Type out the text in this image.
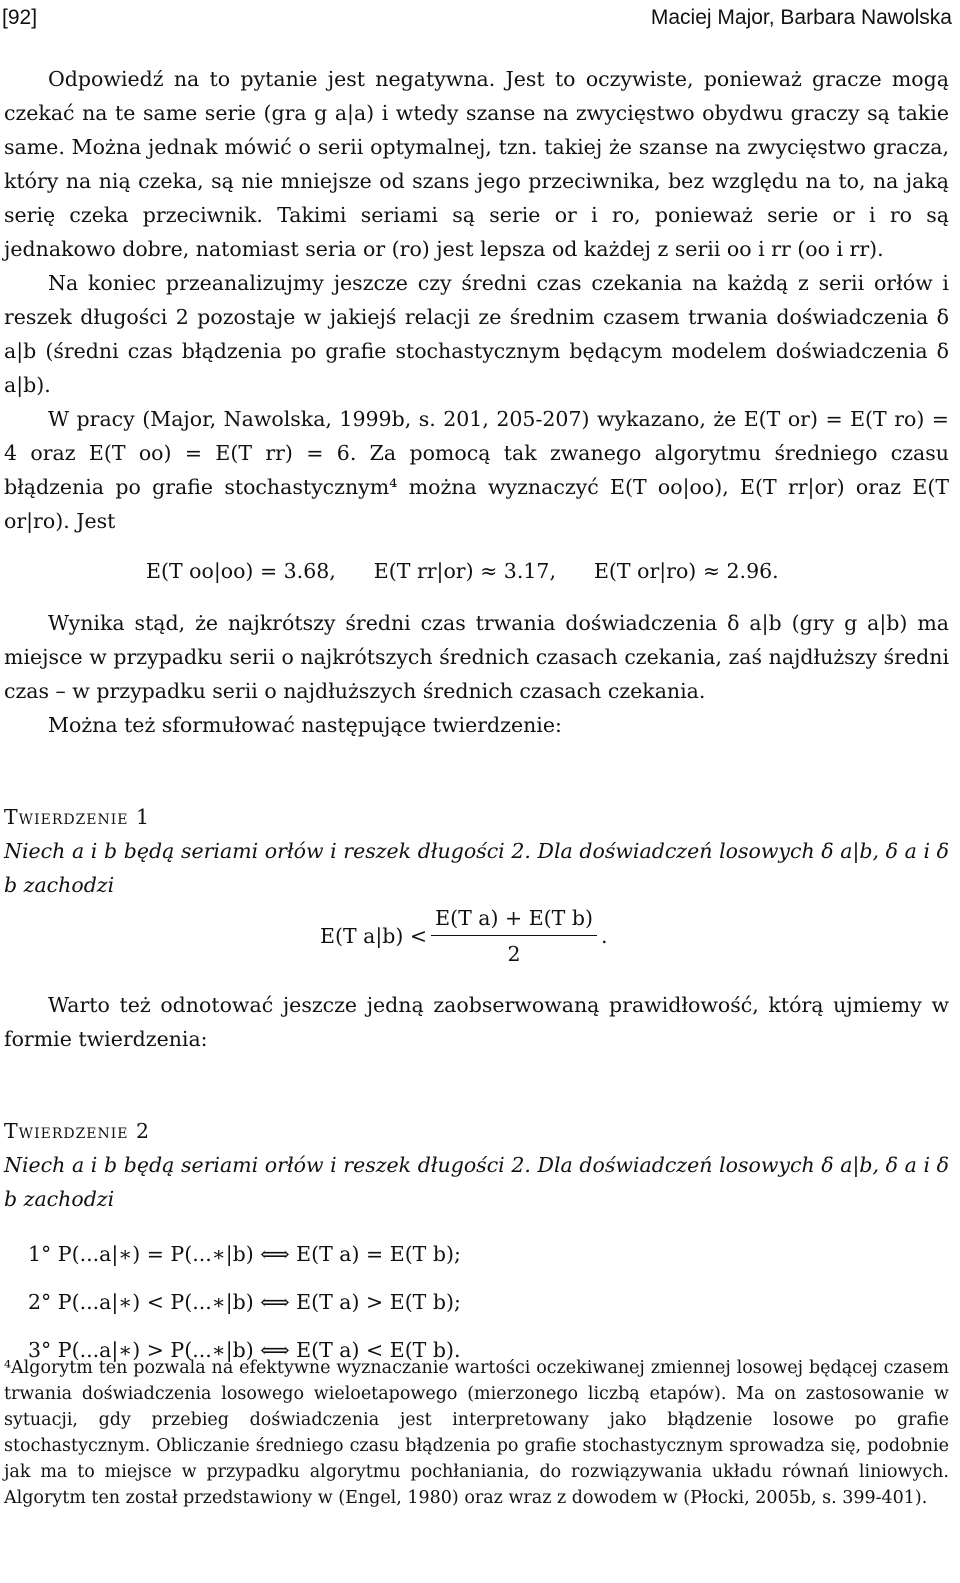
[92]	Maciej Major, Barbara Nawolska

Odpowiedź na to pytanie jest negatywna. Jest to oczywiste, ponieważ gracze mogą czekać na te same serie (gra g a|a) i wtedy szanse na zwycięstwo obydwu graczy są takie same. Można jednak mówić o serii optymalnej, tzn. takiej że szanse na zwycięstwo gracza, który na nią czeka, są nie mniejsze od szans jego przeciwnika, bez względu na to, na jaką serię czeka przeciwnik. Takimi seriami są serie or i ro, ponieważ serie or i ro są jednakowo dobre, natomiast seria or (ro) jest lepsza od każdej z serii oo i rr (oo i rr).

Na koniec przeanalizujmy jeszcze czy średni czas czekania na każdą z serii orłów i reszek długości 2 pozostaje w jakiejś relacji ze średnim czasem trwania doświadczenia δ a|b (średni czas błądzenia po grafie stochastycznym będącym modelem doświadczenia δ a|b).

W pracy (Major, Nawolska, 1999b, s. 201, 205-207) wykazano, że E(T or) = E(T ro) = 4 oraz E(T oo) = E(T rr) = 6. Za pomocą tak zwanego algorytmu średniego czasu błądzenia po grafie stochastycznym⁴ można wyznaczyć E(T oo|oo), E(T rr|or) oraz E(T or|ro). Jest

E(T oo|oo) = 3.68, E(T rr|or) ≈ 3.17, E(T or|ro) ≈ 2.96.

Wynika stąd, że najkrótszy średni czas trwania doświadczenia δ a|b (gry g a|b) ma miejsce w przypadku serii o najkrótszych średnich czasach czekania, zaś najdłuższy średni czas – w przypadku serii o najdłuższych średnich czasach czekania.

Można też sformułować następujące twierdzenie:

Twierdzenie 1

Niech a i b będą seriami orłów i reszek długości 2. Dla doświadczeń losowych δ a|b, δ a i δ b zachodzi

E(T $a|b) < \frac{\text{E(T a) + E(T b)}}{2}$ .

Warto też odnotować jeszcze jedną zaobserwowaną prawidłowość, którą ujmiemy w formie twierdzenia:

Twierdzenie 2

Niech a i b będą seriami orłów i reszek długości 2. Dla doświadczeń losowych δ a|b, δ a i δ b zachodzi

1° P(...a|∗) = P(...∗|b) ⟺ E(T a) = E(T b);
2° P(...a|∗) < P(...∗|b) ⟺ E(T a) > E(T b);
3° P(...a|∗) > P(...∗|b) ⟺ E(T a) < E(T b).
⁴Algorytm ten pozwala na efektywne wyznaczanie wartości oczekiwanej zmiennej losowej będącej czasem trwania doświadczenia losowego wieloetapowego (mierzonego liczbą etapów). Ma on zastosowanie w sytuacji, gdy przebieg doświadczenia jest interpretowany jako błądzenie losowe po grafie stochastycznym. Obliczanie średniego czasu błądzenia po grafie stochastycznym sprowadza się, podobnie jak ma to miejsce w przypadku algorytmu pochłaniania, do rozwiązywania układu równań liniowych. Algorytm ten został przedstawiony w (Engel, 1980) oraz wraz z dowodem w (Płocki, 2005b, s. 399-401).
